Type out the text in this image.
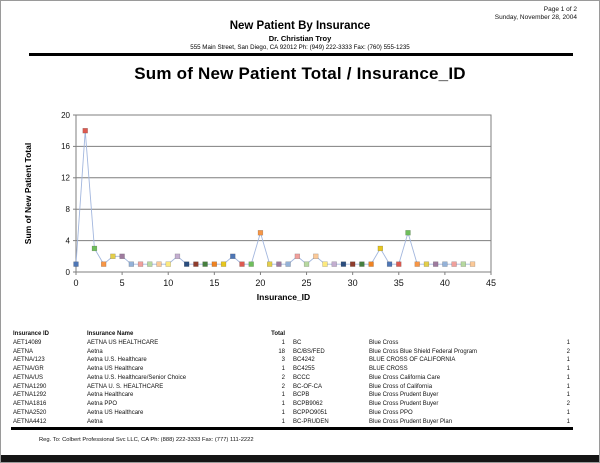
Page 1 of 2
Sunday, November 28, 2004
New Patient By Insurance
Dr. Christian Troy
555 Main Street, San Diego, CA 92012 Ph: (949) 222-3333 Fax: (760) 555-1235
Sum of New Patient Total / Insurance_ID
0
4
8
12
16
20
0	5	10	15	20	25	30	35	40	45
Insurance_ID
Sum of New Patient Total
Insurance ID	Insurance Name	Total
AET14089	AETNA US HEALTHCARE	1
AETNA	Aetna	18
AETNA/123	Aetna U.S. Healthcare	3
AETNA/GR	Aetna US Healthcare	1
AETNA/US	Aetna U.S. Healthcare/Senior Choice	2
AETNA1290	AETNA U. S. HEALTHCARE	2
AETNA1292	Aetna Healthcare	1
AETNA1816	Aetna PPO	1
AETNA2520	Aetna US Healthcare	1
AETNA4412	Aetna	1
BC	Blue Cross	1
BC/BS/FED	Blue Cross Blue Shield Federal Program	2
BC4242	BLUE CROSS OF CALIFORNIA	1
BC4255	BLUE CROSS	1
BCCC	Blue Cross California Care	1
BC-OF-CA	Blue Cross of California	1
BCPB	Blue Cross Prudent Buyer	1
BCPB9062	Blue Cross Prudent Buyer	2
BCPPO9051	Blue Cross PPO	1
BC-PRUDEN	Blue Cross Prudent Buyer Plan	1
Reg. To: Colbert Professional Svc LLC, CA Ph: (888) 222-3333 Fax: (777) 111-2222
